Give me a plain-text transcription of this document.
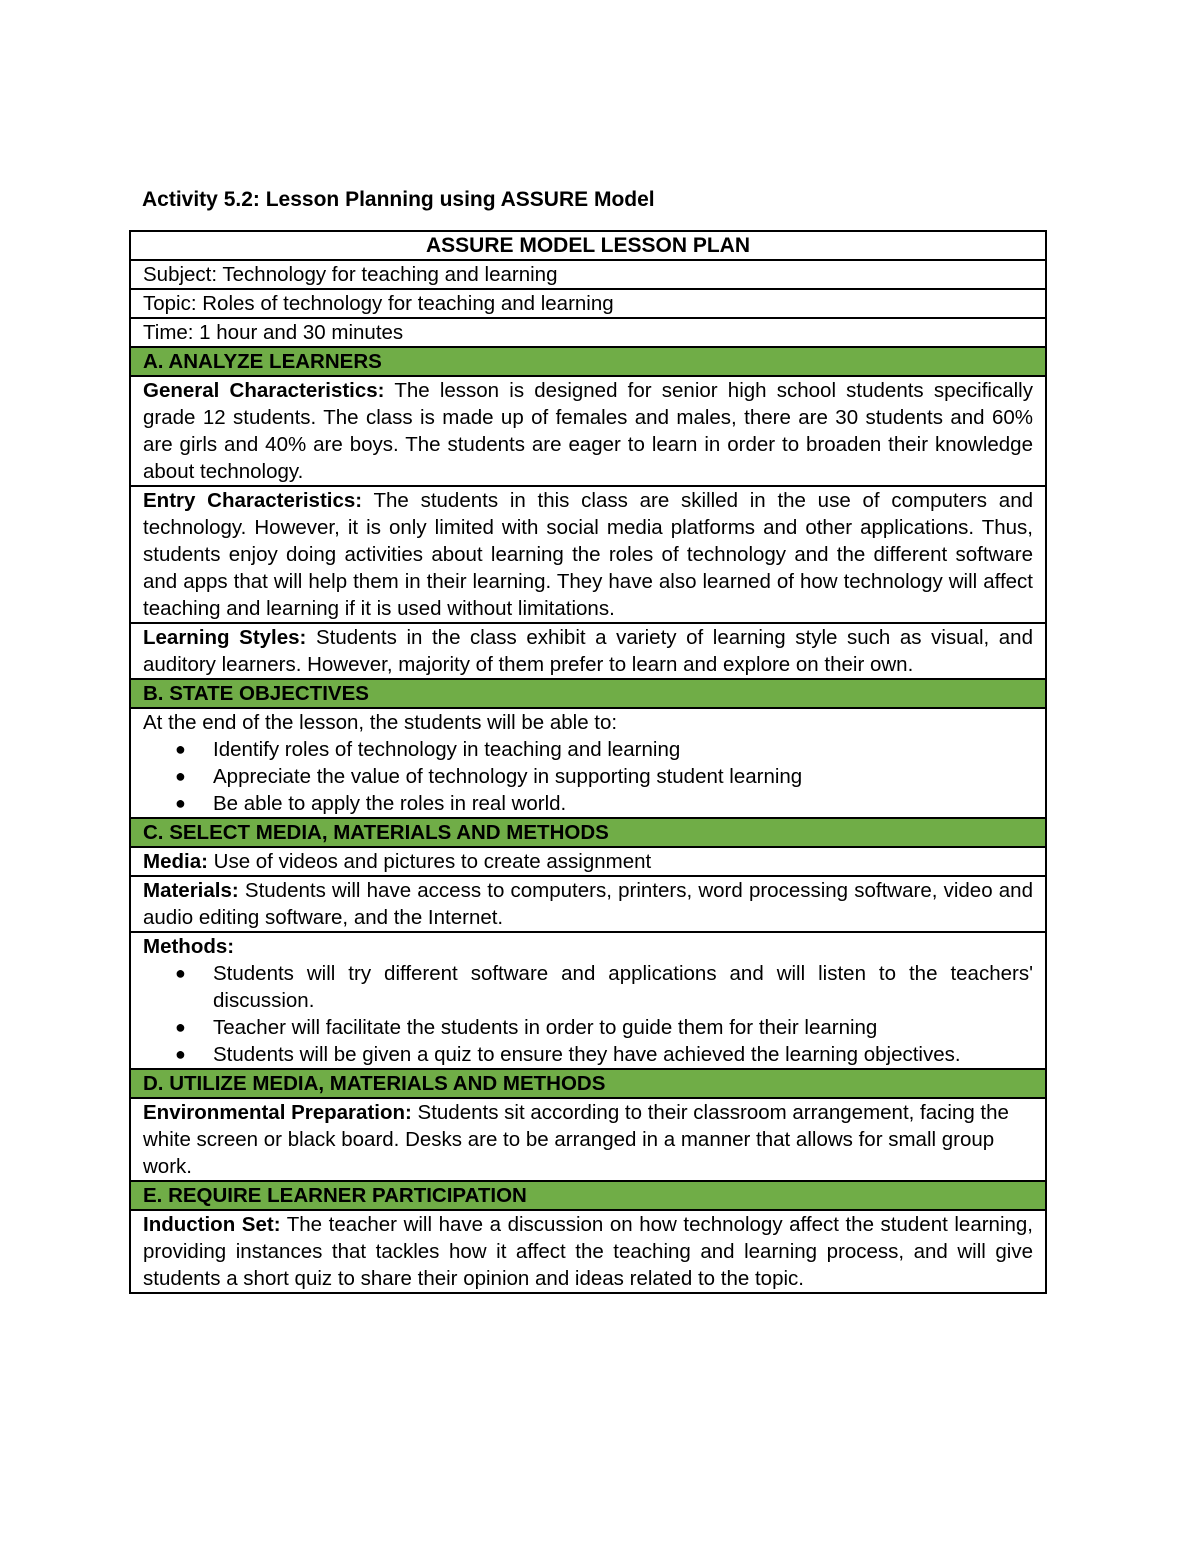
Activity 5.2: Lesson Planning using ASSURE Model
ASSURE MODEL LESSON PLAN
Subject: Technology for teaching and learning
Topic: Roles of technology for teaching and learning
Time: 1 hour and 30 minutes
A. ANALYZE LEARNERS
General Characteristics: The lesson is designed for senior high school students specifically grade 12 students. The class is made up of females and males, there are 30 students and 60% are girls and 40% are boys. The students are eager to learn in order to broaden their knowledge about technology.
Entry Characteristics: The students in this class are skilled in the use of computers and technology. However, it is only limited with social media platforms and other applications. Thus, students enjoy doing activities about learning the roles of technology and the different software and apps that will help them in their learning. They have also learned of how technology will affect teaching and learning if it is used without limitations.
Learning Styles: Students in the class exhibit a variety of learning style such as visual, and auditory learners. However, majority of them prefer to learn and explore on their own.
B. STATE OBJECTIVES

At the end of the lesson, the students will be able to:
● Identify roles of technology in teaching and learning
● Appreciate the value of technology in supporting student learning
● Be able to apply the roles in real world.

C. SELECT MEDIA, MATERIALS AND METHODS
Media: Use of videos and pictures to create assignment
Materials: Students will have access to computers, printers, word processing software, video and audio editing software, and the Internet.
Methods:
● Students will try different software and applications and will listen to the teachers' discussion.
● Teacher will facilitate the students in order to guide them for their learning
● Students will be given a quiz to ensure they have achieved the learning objectives.

D. UTILIZE MEDIA, MATERIALS AND METHODS
Environmental Preparation: Students sit according to their classroom arrangement, facing the white screen or black board. Desks are to be arranged in a manner that allows for small group work.
E. REQUIRE LEARNER PARTICIPATION
Induction Set: The teacher will have a discussion on how technology affect the student learning, providing instances that tackles how it affect the teaching and learning process, and will give students a short quiz to share their opinion and ideas related to the topic.
